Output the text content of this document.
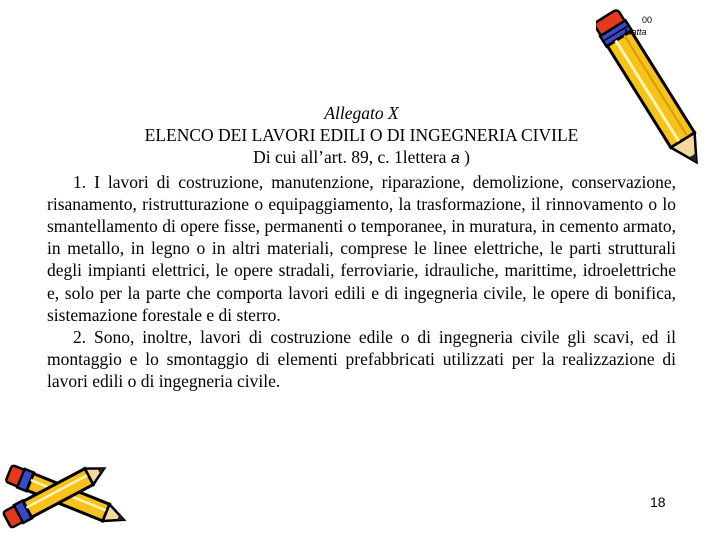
00
Matta
Allegato X
ELENCO DEI LAVORI EDILI O DI INGEGNERIA CIVILE
Di cui all’art. 89, c. 1lettera a )

1. I lavori di costruzione, manutenzione, riparazione, demolizione, conservazione, risanamento, ristrutturazione o equipaggiamento, la trasformazione, il rinnovamento o lo smantellamento di opere fisse, permanenti o temporanee, in muratura, in cemento armato, in metallo, in legno o in altri materiali, comprese le linee elettriche, le parti strutturali degli impianti elettrici, le opere stradali, ferroviarie, idrauliche, marittime, idroelettriche e, solo per la parte che comporta lavori edili e di ingegneria civile, le opere di bonifica, sistemazione forestale e di sterro.

2. Sono, inoltre, lavori di costruzione edile o di ingegneria civile gli scavi, ed il montaggio e lo smontaggio di elementi prefabbricati utilizzati per la realizzazione di lavori edili o di ingegneria civile.

18
